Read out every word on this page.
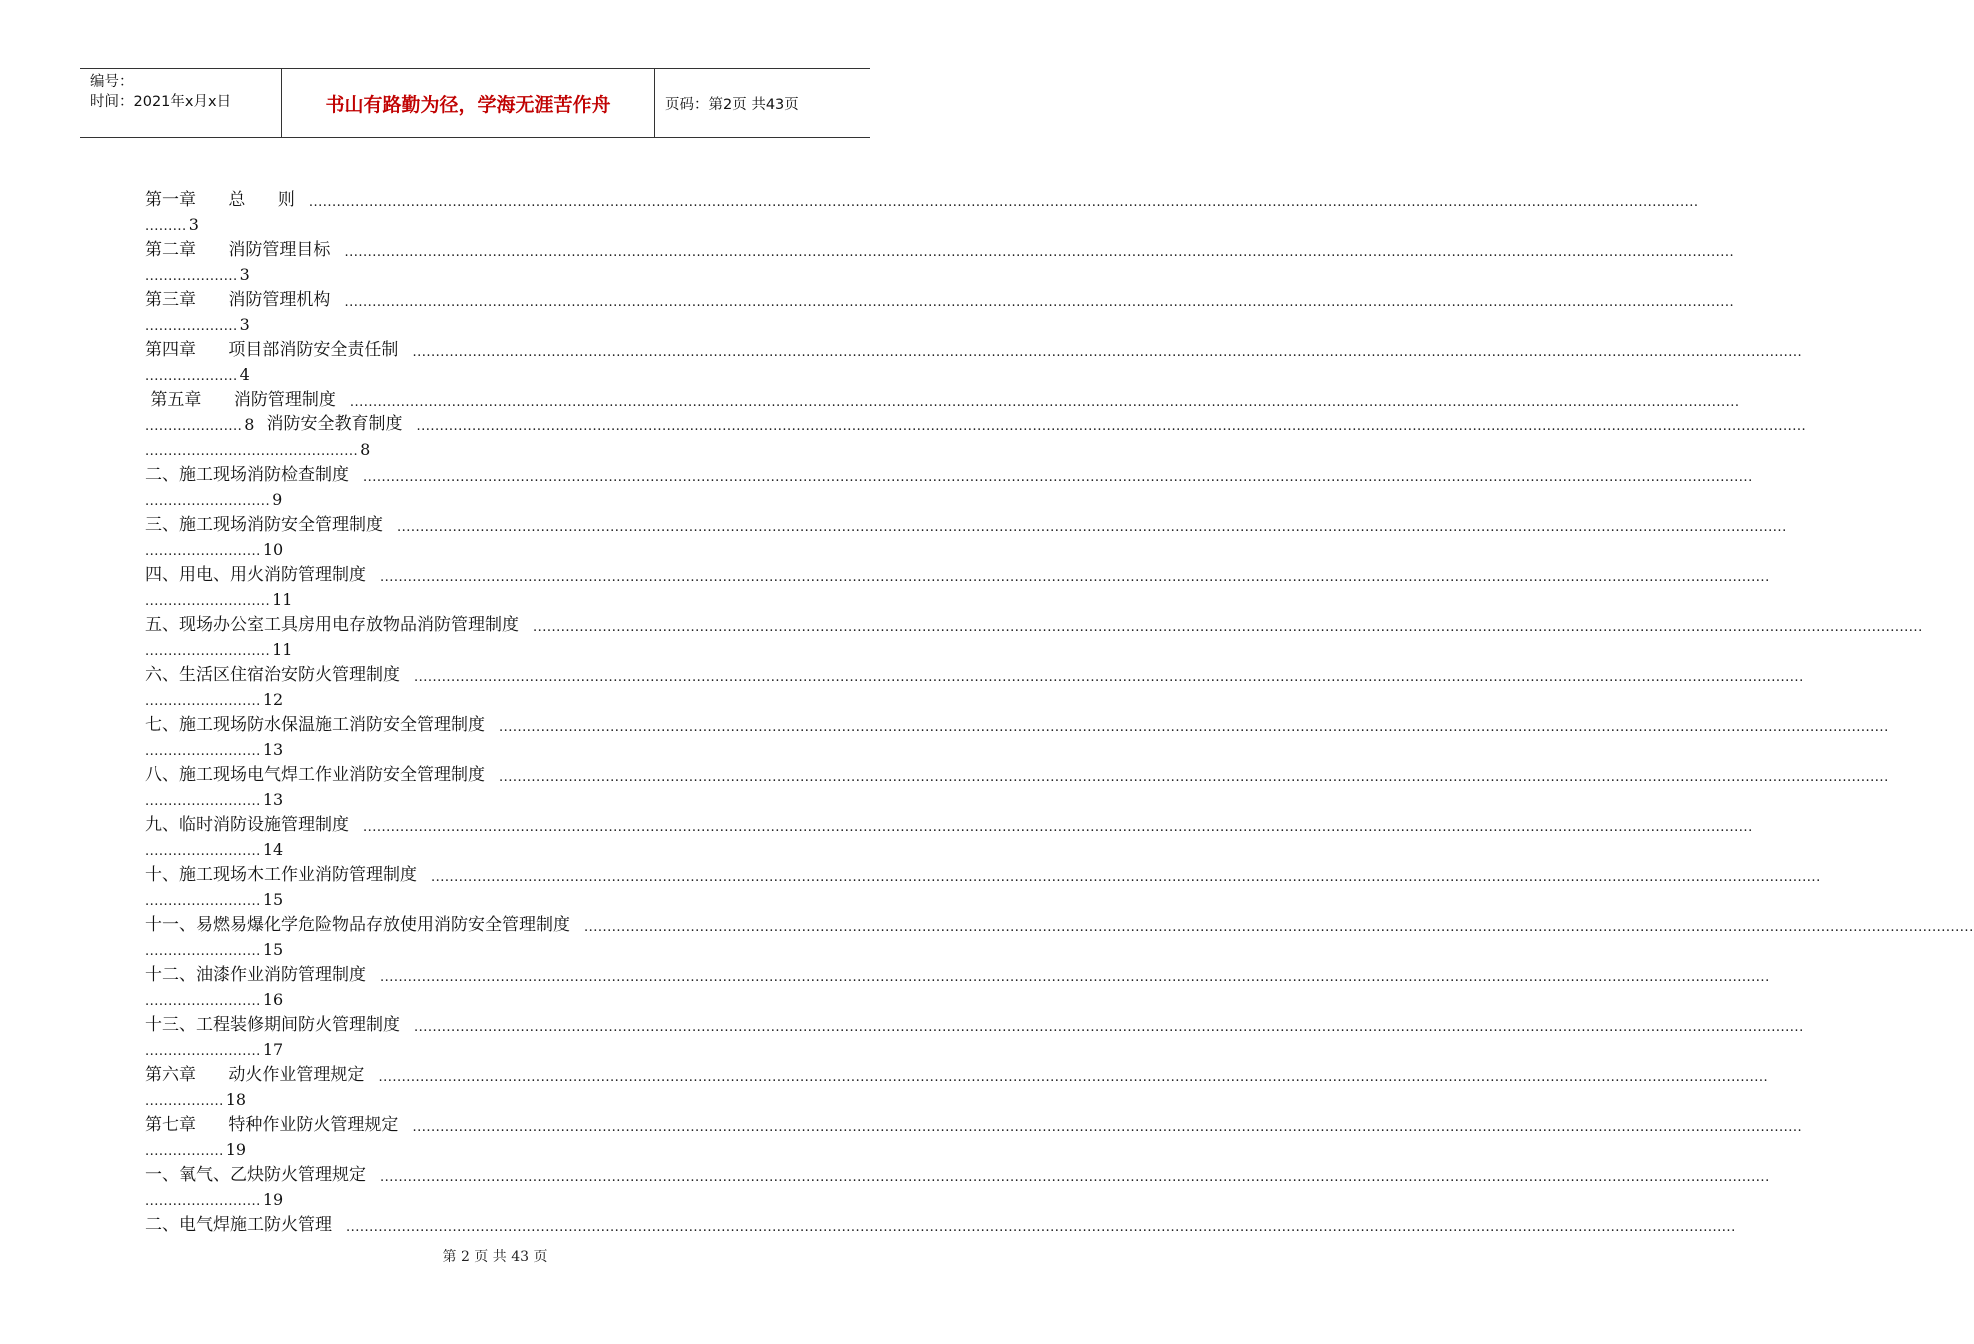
编号：
时间：2021年x月x日	书山有路勤为径，学海无涯苦作舟	页码：第2页 共43页
第一章      总      则	............................................................................................................................................................................................................................................................................................................
......... 3
第二章      消防管理目标	............................................................................................................................................................................................................................................................................................................
.................... 3
第三章      消防管理机构	............................................................................................................................................................................................................................................................................................................
.................... 3
第四章      项目部消防安全责任制	............................................................................................................................................................................................................................................................................................................
.................... 4
第五章      消防管理制度	............................................................................................................................................................................................................................................................................................................
..................... 8 消防安全教育制度	............................................................................................................................................................................................................................................................................................................
.............................................. 8
二、施工现场消防检查制度	............................................................................................................................................................................................................................................................................................................
........................... 9
三、施工现场消防安全管理制度	............................................................................................................................................................................................................................................................................................................
......................... 10
四、用电、用火消防管理制度	............................................................................................................................................................................................................................................................................................................
........................... 11
五、现场办公室工具房用电存放物品消防管理制度	............................................................................................................................................................................................................................................................................................................
........................... 11
六、生活区住宿治安防火管理制度	............................................................................................................................................................................................................................................................................................................
......................... 12
七、施工现场防水保温施工消防安全管理制度	............................................................................................................................................................................................................................................................................................................
......................... 13
八、施工现场电气焊工作业消防安全管理制度	............................................................................................................................................................................................................................................................................................................
......................... 13
九、临时消防设施管理制度	............................................................................................................................................................................................................................................................................................................
......................... 14
十、施工现场木工作业消防管理制度	............................................................................................................................................................................................................................................................................................................
......................... 15
十一、易燃易爆化学危险物品存放使用消防安全管理制度	............................................................................................................................................................................................................................................................................................................
......................... 15
十二、油漆作业消防管理制度	............................................................................................................................................................................................................................................................................................................
......................... 16
十三、工程装修期间防火管理制度	............................................................................................................................................................................................................................................................................................................
......................... 17
第六章      动火作业管理规定	............................................................................................................................................................................................................................................................................................................
................. 18
第七章      特种作业防火管理规定	............................................................................................................................................................................................................................................................................................................
................. 19
一、氧气、乙炔防火管理规定	............................................................................................................................................................................................................................................................................................................
......................... 19
二、电气焊施工防火管理	............................................................................................................................................................................................................................................................................................................
第 2 页 共 43 页
